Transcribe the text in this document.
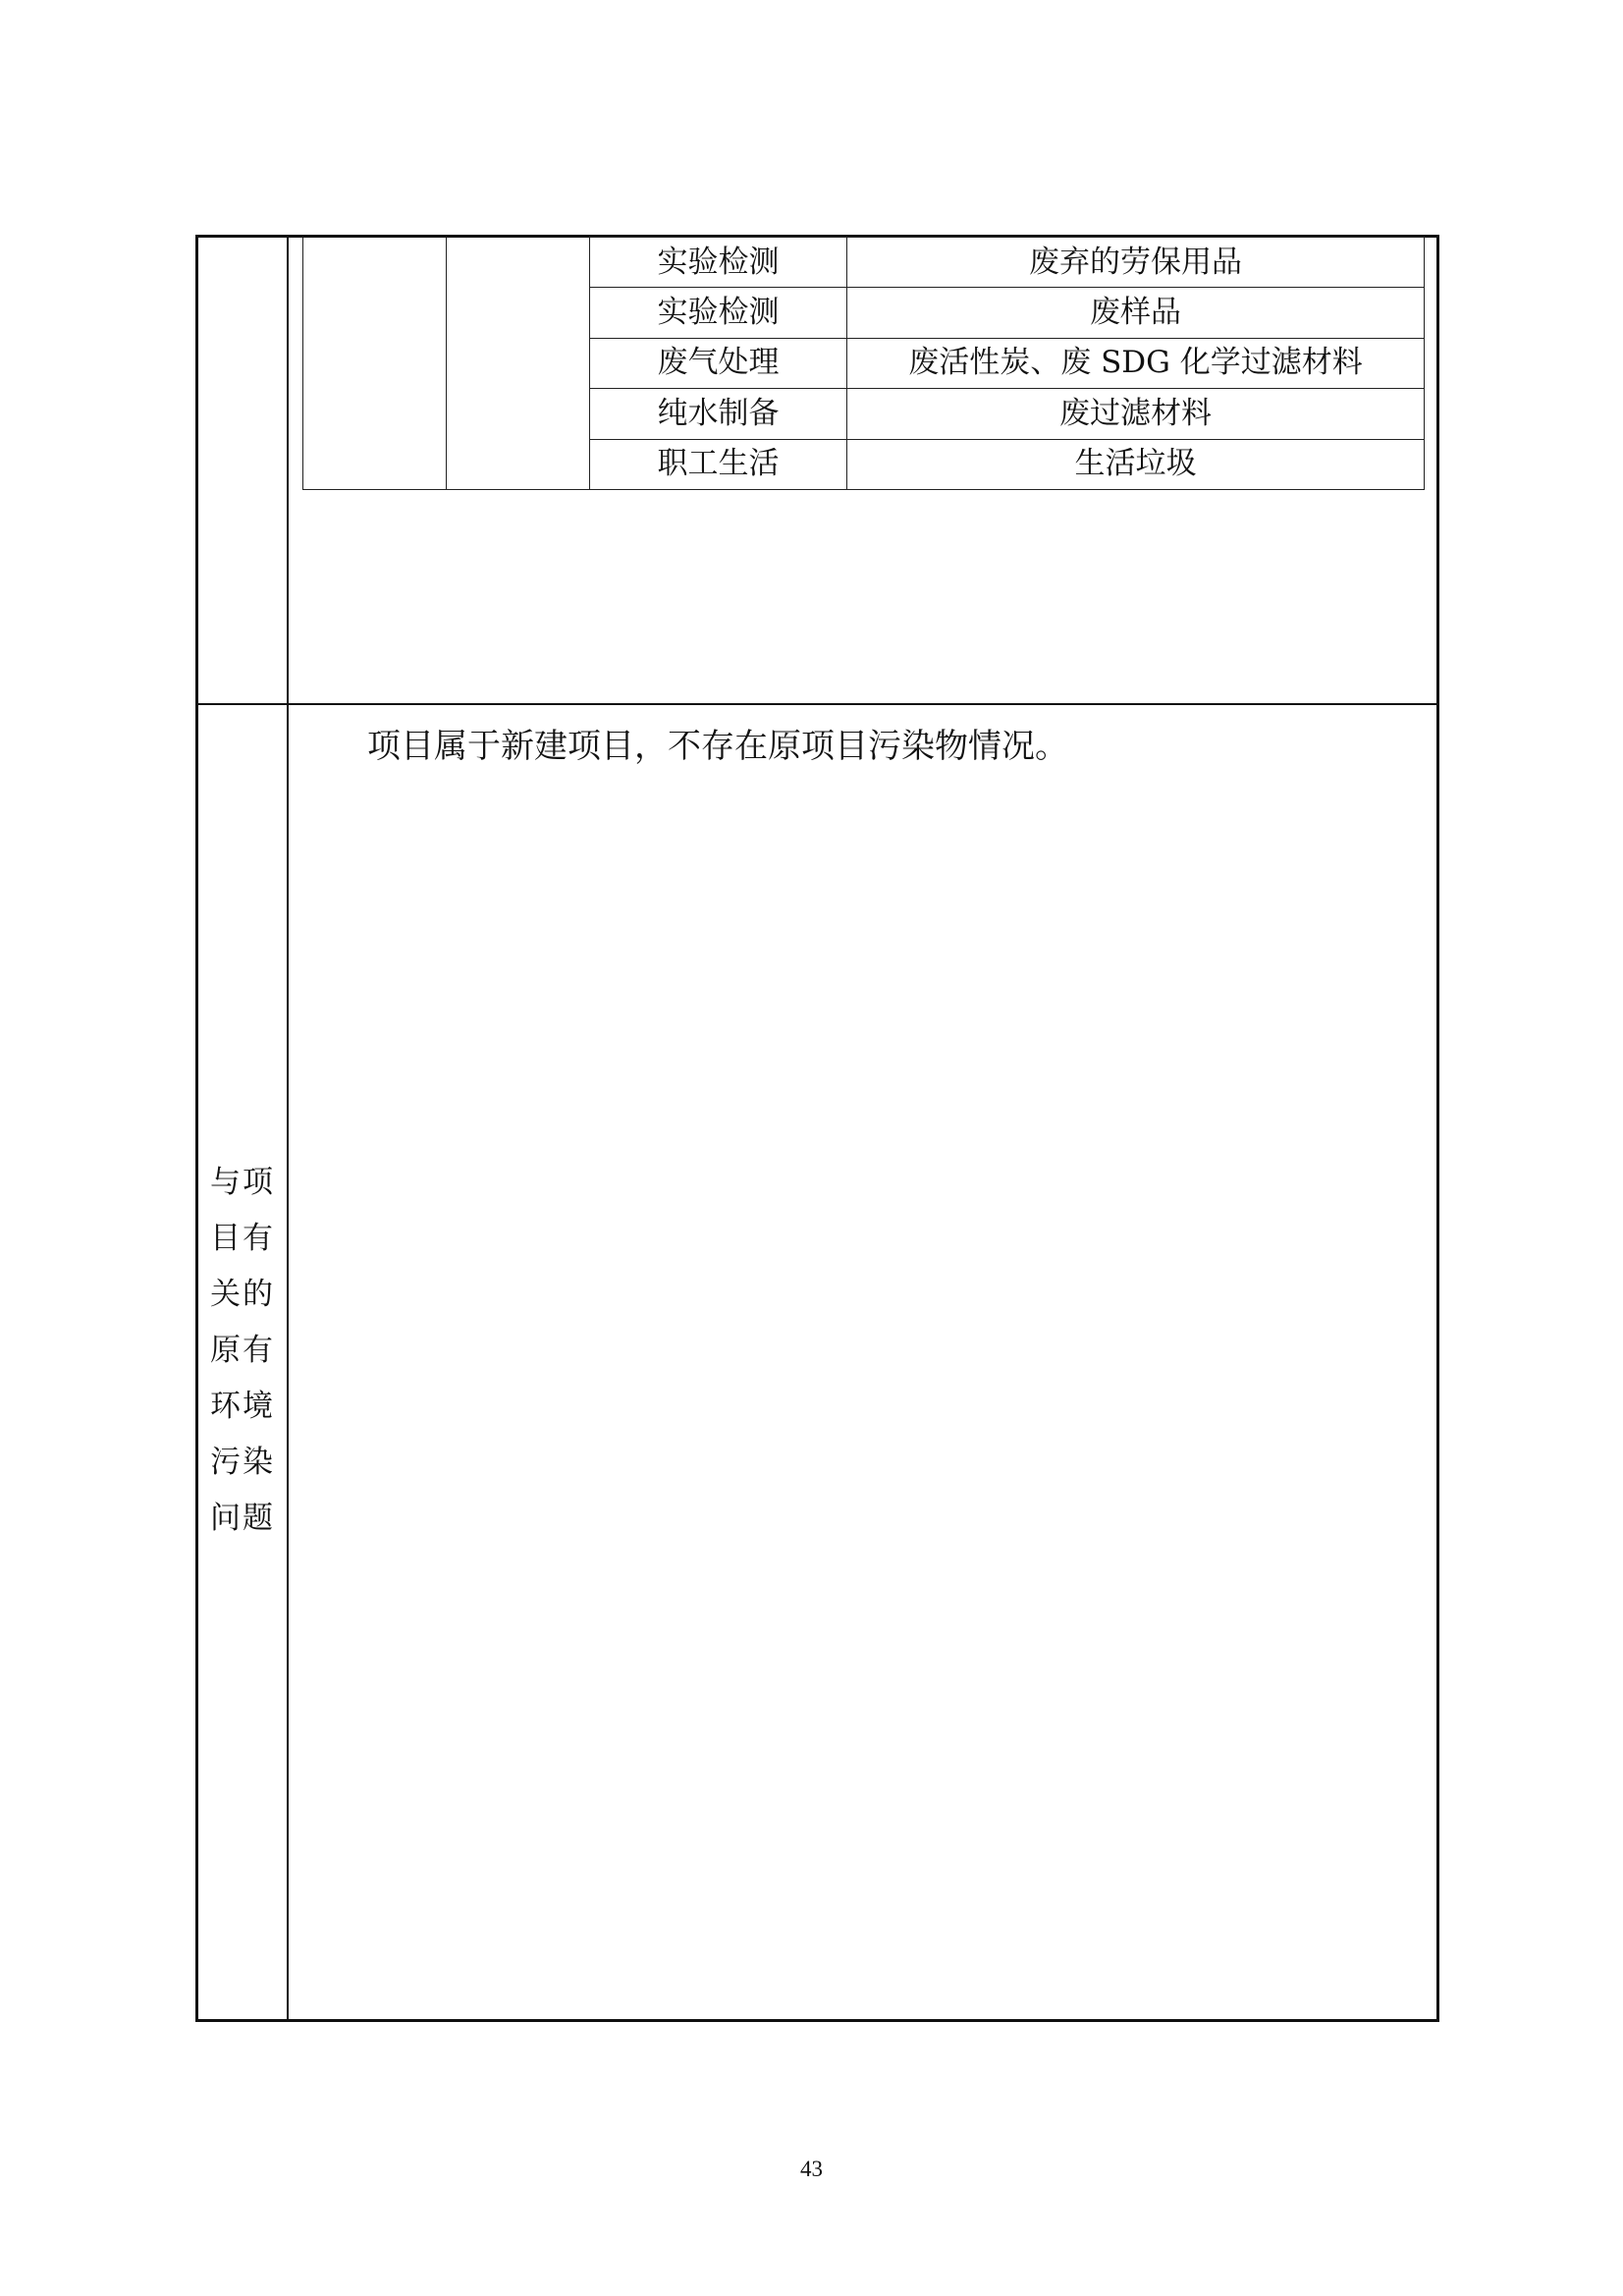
		实验检测	废弃的劳保用品
		实验检测	废样品
		废气处理	废活性炭、废 SDG 化学过滤材料
		纯水制备	废过滤材料
		职工生活	生活垃圾
与项目有关的原有环境污染问题
项目属于新建项目，不存在原项目污染物情况。
43
